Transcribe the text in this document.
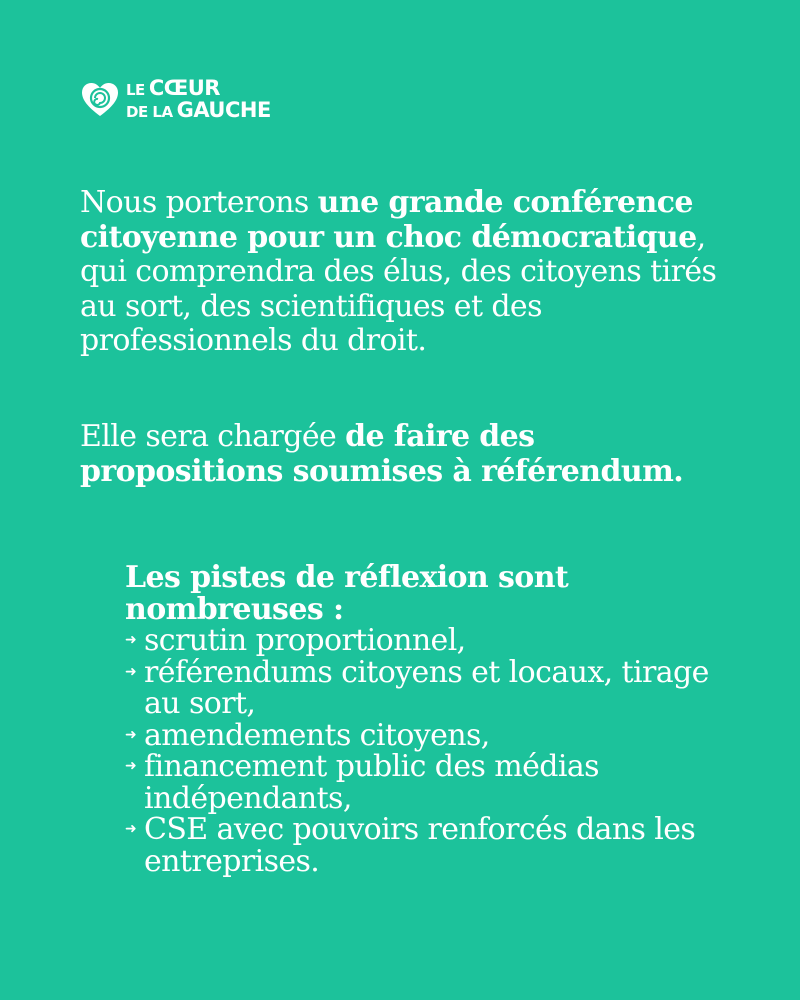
LE CŒUR
DE LA GAUCHE
Nous porterons une grande conférence citoyenne pour un choc démocratique, qui comprendra des élus, des citoyens tirés au sort, des scientifiques et des professionnels du droit.
Elle sera chargée de faire des propositions soumises à référendum.
Les pistes de réflexion sont nombreuses :
➜ scrutin proportionnel,
➜ référendums citoyens et locaux, tirage au sort,
➜ amendements citoyens,
➜ financement public des médias indépendants,
➜ CSE avec pouvoirs renforcés dans les entreprises.
